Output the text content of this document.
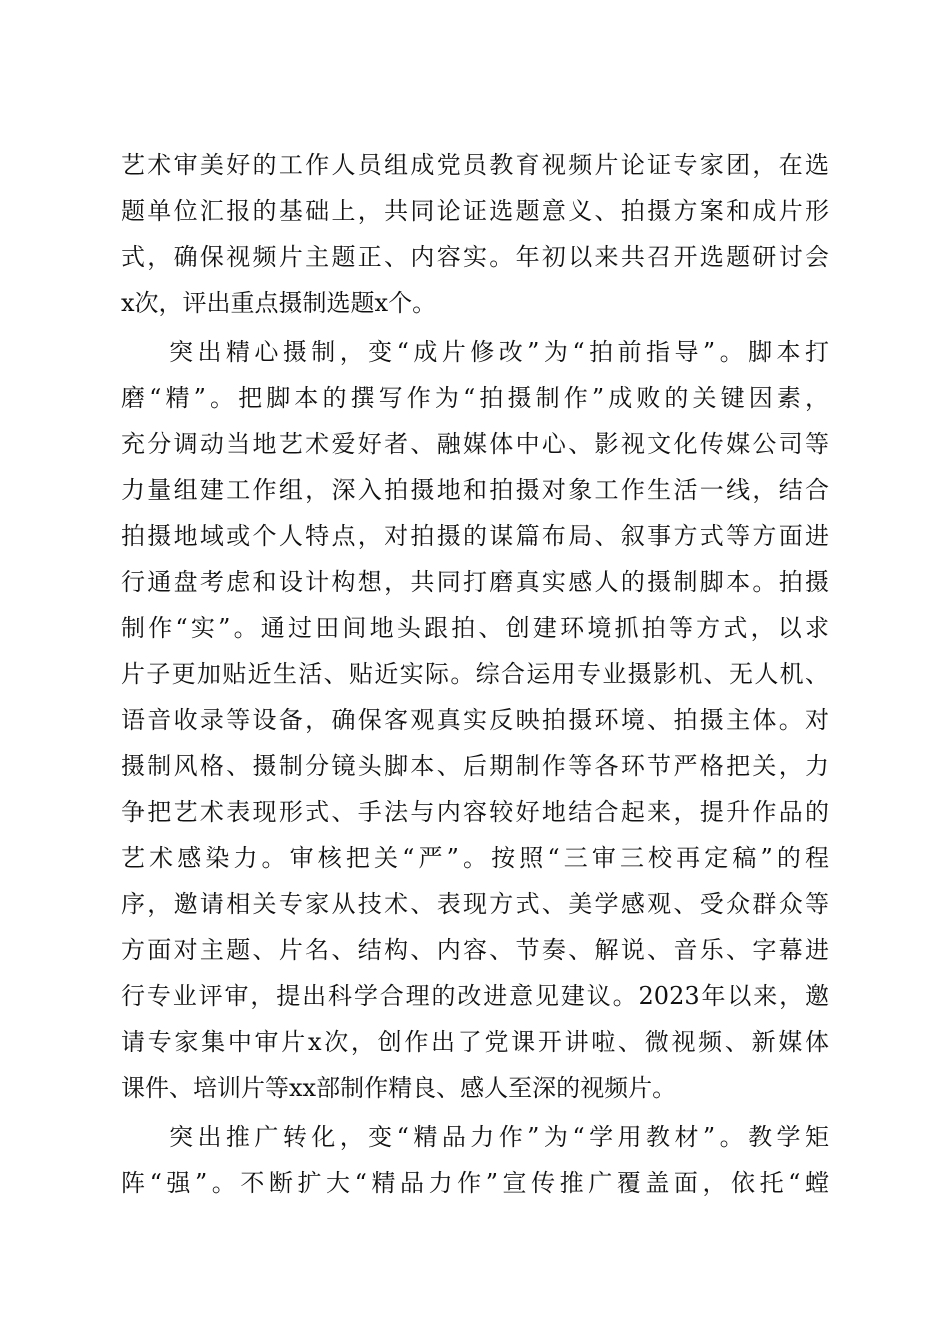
艺术审美好的工作人员组成党员教育视频片论证专家团，在选
题单位汇报的基础上，共同论证选题意义、拍摄方案和成片形
式，确保视频片主题正、内容实。年初以来共召开选题研讨会
x次，评出重点摄制选题x个。
突出精心摄制，变“成片修改”为“拍前指导”。脚本打
磨“精”。把脚本的撰写作为“拍摄制作”成败的关键因素，
充分调动当地艺术爱好者、融媒体中心、影视文化传媒公司等
力量组建工作组，深入拍摄地和拍摄对象工作生活一线，结合
拍摄地域或个人特点，对拍摄的谋篇布局、叙事方式等方面进
行通盘考虑和设计构想，共同打磨真实感人的摄制脚本。拍摄
制作“实”。通过田间地头跟拍、创建环境抓拍等方式，以求
片子更加贴近生活、贴近实际。综合运用专业摄影机、无人机、
语音收录等设备，确保客观真实反映拍摄环境、拍摄主体。对
摄制风格、摄制分镜头脚本、后期制作等各环节严格把关，力
争把艺术表现形式、手法与内容较好地结合起来，提升作品的
艺术感染力。审核把关“严”。按照“三审三校再定稿”的程
序，邀请相关专家从技术、表现方式、美学感观、受众群众等
方面对主题、片名、结构、内容、节奏、解说、音乐、字幕进
行专业评审，提出科学合理的改进意见建议。2023年以来，邀
请专家集中审片x次，创作出了党课开讲啦、微视频、新媒体
课件、培训片等xx部制作精良、感人至深的视频片。
突出推广转化，变“精品力作”为“学用教材”。教学矩
阵“强”。不断扩大“精品力作”宣传推广覆盖面，依托“螳
